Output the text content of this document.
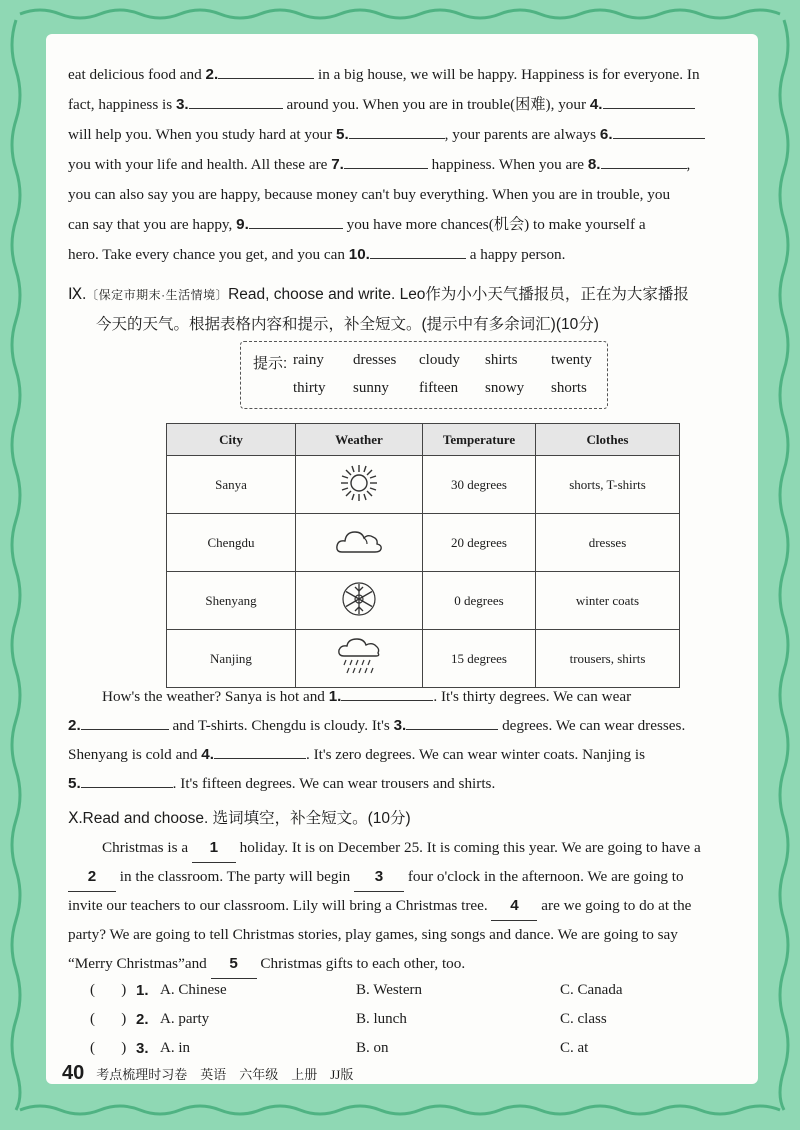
eat delicious food and 2.	in a big house, we will be happy. Happiness is for everyone. In
fact, happiness is 3.	around you. When you are in trouble(困难), your 4.
will help you. When you study hard at your 5.	, your parents are always 6.
you with your life and health. All these are 7.	happiness. When you are 8.	,
you can also say you are happy, because money can't buy everything. When you are in trouble, you
can say that you are happy, 9.	you have more chances(机会) to make yourself a
hero. Take every chance you get, and you can 10.	a happy person.
Ⅸ.〔保定市期末·生活情境〕Read, choose and write. Leo作为小小天气播报员，正在为大家播报
今天的天气。根据表格内容和提示，补全短文。(提示中有多余词汇)(10分)
提示: rainy	dresses	cloudy	shirts	twenty
thirty	sunny	fifteen	snowy	shorts
City	Weather	Temperature	Clothes
Sanya		30 degrees	shorts, T-shirts
Chengdu		20 degrees	dresses
Shenyang		0 degrees	winter coats
Nanjing		15 degrees	trousers, shirts
How's the weather? Sanya is hot and 1.	. It's thirty degrees. We can wear
2.	and T-shirts. Chengdu is cloudy. It's 3.	degrees. We can wear dresses.
Shenyang is cold and 4.	. It's zero degrees. We can wear winter coats. Nanjing is
5.	. It's fifteen degrees. We can wear trousers and shirts.
Ⅹ.Read and choose. 选词填空，补全短文。(10分)
Christmas is a 1 holiday. It is on December 25. It is coming this year. We are going to have a
2 in the classroom. The party will begin 3 four o'clock in the afternoon. We are going to
invite our teachers to our classroom. Lily will bring a Christmas tree. 4 are we going to do at the
party? We are going to tell Christmas stories, play games, sing songs and dance. We are going to say
“Merry Christmas”and 5 Christmas gifts to each other, too.
(       ) 1. A. Chinese	B. Western	C. Canada
(       ) 2. A. party	B. lunch	C. class
(       ) 3. A. in	B. on	C. at
40 考点梳理时习卷　英语　六年级　上册　JJ版
